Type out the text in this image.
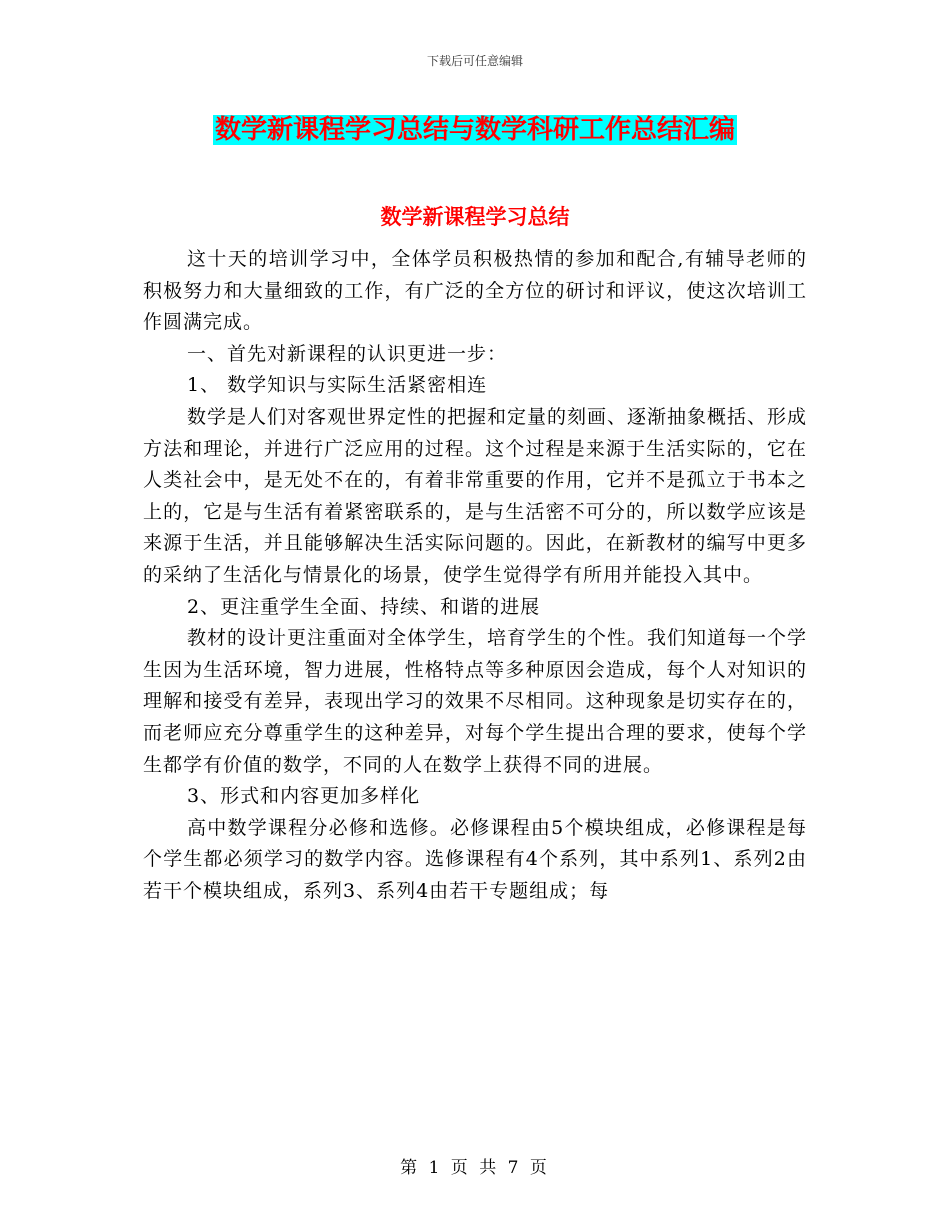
下载后可任意编辑
数学新课程学习总结与数学科研工作总结汇编
数学新课程学习总结

这十天的培训学习中，全体学员积极热情的参加和配合,有辅导老师的积极努力和大量细致的工作，有广泛的全方位的研讨和评议，使这次培训工作圆满完成。

一、首先对新课程的认识更进一步：

1、 数学知识与实际生活紧密相连

数学是人们对客观世界定性的把握和定量的刻画、逐渐抽象概括、形成方法和理论，并进行广泛应用的过程。这个过程是来源于生活实际的，它在人类社会中，是无处不在的，有着非常重要的作用，它并不是孤立于书本之上的，它是与生活有着紧密联系的，是与生活密不可分的，所以数学应该是来源于生活，并且能够解决生活实际问题的。因此，在新教材的编写中更多的采纳了生活化与情景化的场景，使学生觉得学有所用并能投入其中。

2、更注重学生全面、持续、和谐的进展

教材的设计更注重面对全体学生，培育学生的个性。我们知道每一个学生因为生活环境，智力进展，性格特点等多种原因会造成，每个人对知识的理解和接受有差异，表现出学习的效果不尽相同。这种现象是切实存在的，而老师应充分尊重学生的这种差异，对每个学生提出合理的要求，使每个学生都学有价值的数学，不同的人在数学上获得不同的进展。

3、形式和内容更加多样化

高中数学课程分必修和选修。必修课程由5个模块组成，必修课程是每个学生都必须学习的数学内容。选修课程有4个系列，其中系列1、系列2由若干个模块组成，系列3、系列4由若干专题组成；每

第 1 页 共 7 页
